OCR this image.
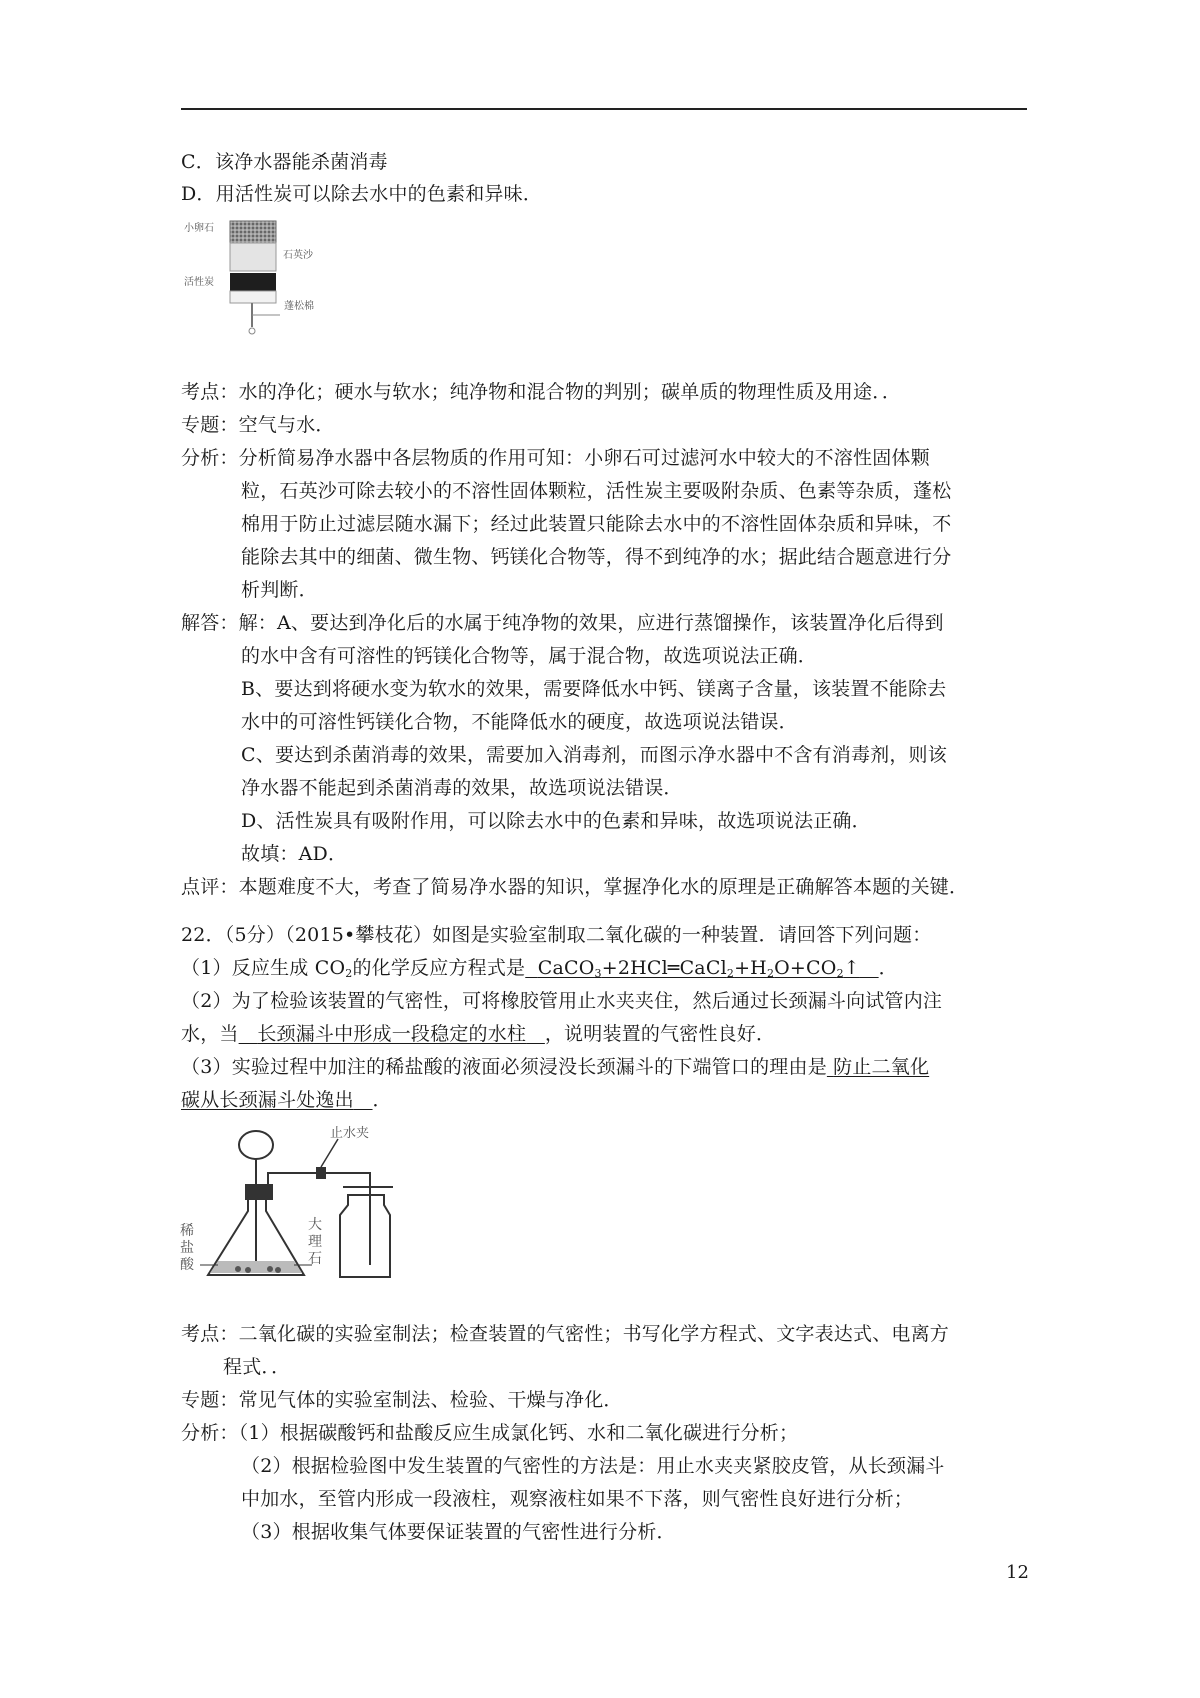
C．该净水器能杀菌消毒
D．用活性炭可以除去水中的色素和异味．
小卵石
石英沙
活性炭
蓬松棉
考点：水的净化；硬水与软水；纯净物和混合物的判别；碳单质的物理性质及用途．．
专题：空气与水．
分析：分析简易净水器中各层物质的作用可知：小卵石可过滤河水中较大的不溶性固体颗
粒，石英沙可除去较小的不溶性固体颗粒，活性炭主要吸附杂质、色素等杂质，蓬松
棉用于防止过滤层随水漏下；经过此装置只能除去水中的不溶性固体杂质和异味，不
能除去其中的细菌、微生物、钙镁化合物等，得不到纯净的水；据此结合题意进行分
析判断．
解答：解：A、要达到净化后的水属于纯净物的效果，应进行蒸馏操作，该装置净化后得到
的水中含有可溶性的钙镁化合物等，属于混合物，故选项说法正确．
B、要达到将硬水变为软水的效果，需要降低水中钙、镁离子含量，该装置不能除去
水中的可溶性钙镁化合物，不能降低水的硬度，故选项说法错误．
C、要达到杀菌消毒的效果，需要加入消毒剂，而图示净水器中不含有消毒剂，则该
净水器不能起到杀菌消毒的效果，故选项说法错误．
D、活性炭具有吸附作用，可以除去水中的色素和异味，故选项说法正确．
故填：AD．
点评：本题难度不大，考查了简易净水器的知识，掌握净化水的原理是正确解答本题的关键．
22．（5分）（2015•攀枝花）如图是实验室制取二氧化碳的一种装置．请回答下列问题：
（1）反应生成 $CO_2$的化学反应方程式是 $CaCO_3+2HCl═CaCl_2+H_2O+CO_2↑$ ．
（2）为了检验该装置的气密性，可将橡胶管用止水夹夹住，然后通过长颈漏斗向试管内注
水，当 长颈漏斗中形成一段稳定的水柱 ，说明装置的气密性良好．
（3）实验过程中加注的稀盐酸的液面必须浸没长颈漏斗的下端管口的理由是 防止二氧化
碳从长颈漏斗处逸出 ．
止水夹
稀
盐
酸
大
理
石
考点：二氧化碳的实验室制法；检查装置的气密性；书写化学方程式、文字表达式、电离方
程式．．
专题：常见气体的实验室制法、检验、干燥与净化．
分析：（1）根据碳酸钙和盐酸反应生成氯化钙、水和二氧化碳进行分析；
（2）根据检验图中发生装置的气密性的方法是：用止水夹夹紧胶皮管，从长颈漏斗
中加水，至管内形成一段液柱，观察液柱如果不下落，则气密性良好进行分析；
（3）根据收集气体要保证装置的气密性进行分析．
12
